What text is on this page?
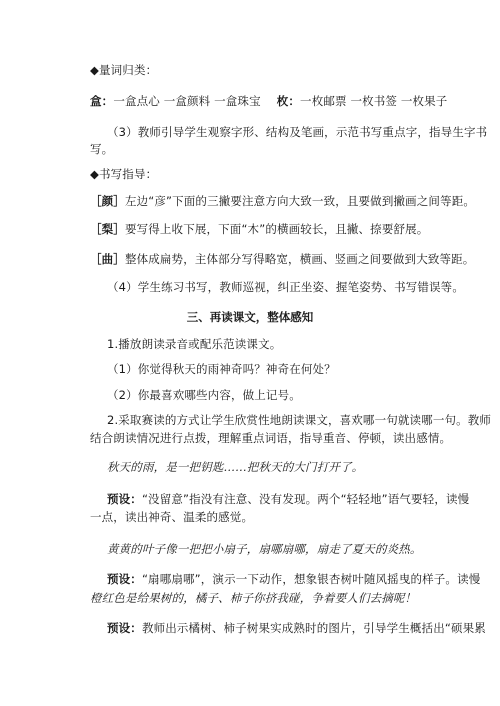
◆量词归类：
盒：一盒点心 一盒颜料 一盒珠宝 枚：一枚邮票 一枚书签 一枚果子
（3）教师引导学生观察字形、结构及笔画，示范书写重点字，指导生字书
写。
◆书写指导：
［颜］左边“彦”下面的三撇要注意方向大致一致，且要做到撇画之间等距。
［梨］要写得上收下展，下面“木”的横画较长，且撇、捺要舒展。
［曲］整体成扁势，主体部分写得略宽，横画、竖画之间要做到大致等距。
（4）学生练习书写，教师巡视，纠正坐姿、握笔姿势、书写错误等。
三、再读课文，整体感知
1.播放朗读录音或配乐范读课文。
（1）你觉得秋天的雨神奇吗？神奇在何处？
（2）你最喜欢哪些内容，做上记号。
2.采取赛读的方式让学生欣赏性地朗读课文，喜欢哪一句就读哪一句。教师
结合朗读情况进行点拨，理解重点词语，指导重音、停顿，读出感情。
秋天的雨，是一把钥匙……把秋天的大门打开了。
预设：“没留意”指没有注意、没有发现。两个“轻轻地”语气要轻，读慢
一点，读出神奇、温柔的感觉。
黄黄的叶子像一把把小扇子，扇哪扇哪，扇走了夏天的炎热。
预设：“扇哪扇哪”，演示一下动作，想象银杏树叶随风摇曳的样子。读慢
橙红色是给果树的，橘子、柿子你挤我碰，争着要人们去摘呢！
预设：教师出示橘树、柿子树果实成熟时的图片，引导学生概括出“硕果累
